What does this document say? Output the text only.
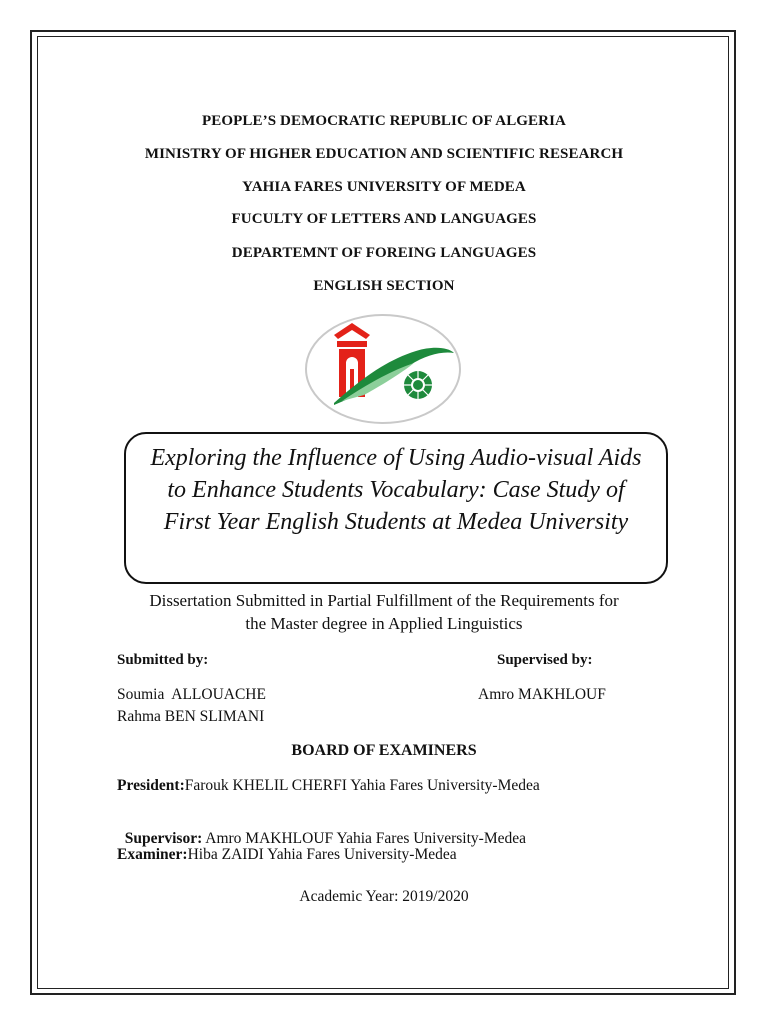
PEOPLE’S DEMOCRATIC REPUBLIC OF ALGERIA
MINISTRY OF HIGHER EDUCATION AND SCIENTIFIC RESEARCH
YAHIA FARES UNIVERSITY OF MEDEA
FUCULTY OF LETTERS AND LANGUAGES
DEPARTEMNT OF FOREING LANGUAGES
ENGLISH SECTION
Exploring the Influence of Using Audio-visual Aids to Enhance Students Vocabulary: Case Study of First Year English Students at Medea University
Dissertation Submitted in Partial Fulfillment of the Requirements for
the Master degree in Applied Linguistics
Submitted by:	Supervised by:
Soumia  ALLOUACHE
Rahma BEN SLIMANI
Amro MAKHLOUF
BOARD OF EXAMINERS
President:Farouk KHELIL CHERFI Yahia Fares University-Medea

Supervisor: Amro MAKHLOUF Yahia Fares University-Medea

Examiner:Hiba ZAIDI Yahia Fares University-Medea
Academic Year: 2019/2020
